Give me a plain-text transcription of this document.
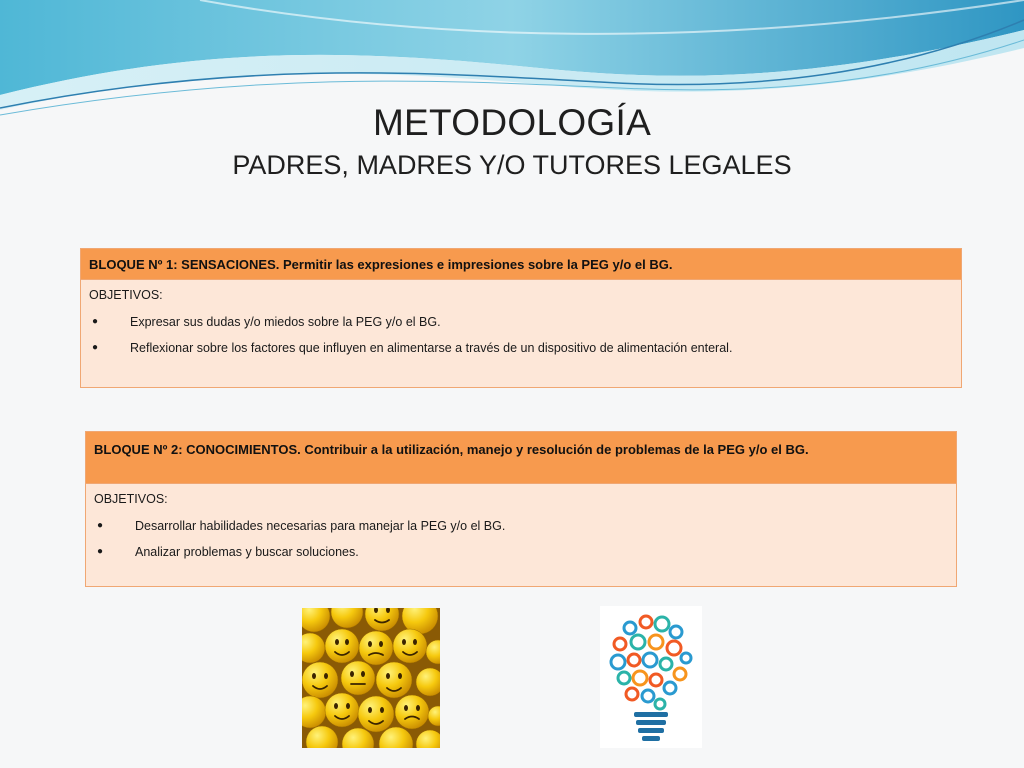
METODOLOGÍA
PADRES, MADRES Y/O TUTORES LEGALES
BLOQUE Nº 1: SENSACIONES. Permitir las expresiones e impresiones sobre la PEG y/o el BG.
OBJETIVOS:
●	Expresar sus dudas y/o miedos sobre la PEG y/o el BG.
●	Reflexionar sobre los factores que influyen en alimentarse a través de un dispositivo de alimentación enteral.
BLOQUE Nº 2: CONOCIMIENTOS. Contribuir a la utilización, manejo y resolución de problemas de la PEG y/o el BG.
OBJETIVOS:
●	Desarrollar habilidades necesarias para manejar la PEG y/o el BG.
●	Analizar problemas y buscar soluciones.
